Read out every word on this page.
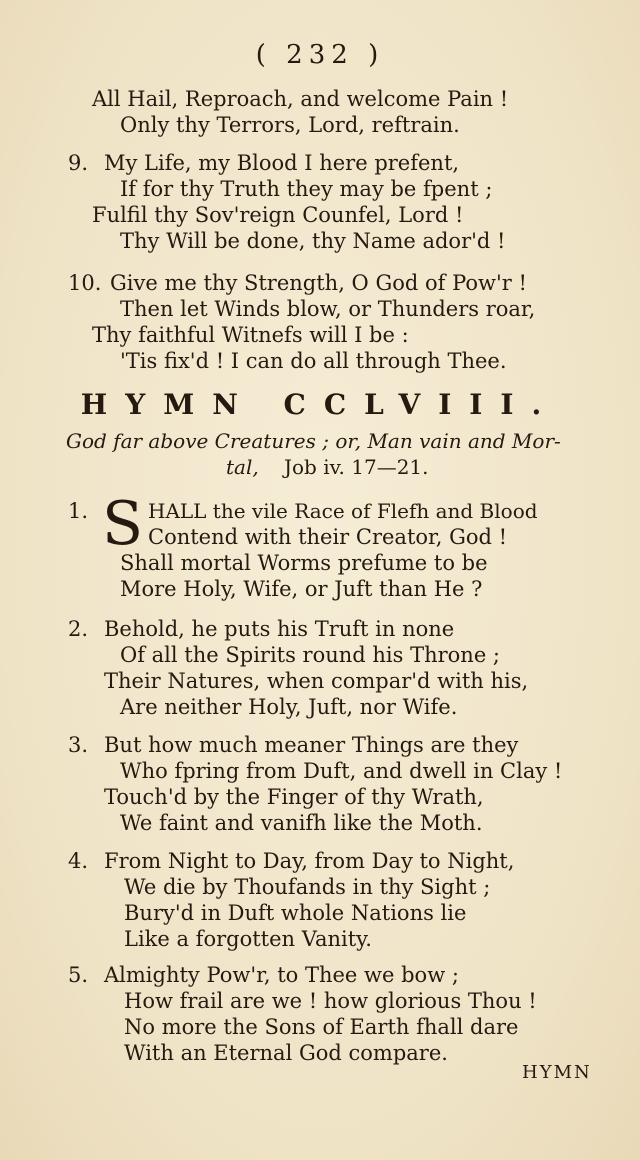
( 232 )
All Hail, Reproach, and welcome Pain !
Only thy Terrors, Lord, reftrain.
9. My Life, my Blood I here prefent,
If for thy Truth they may be fpent ;
Fulfil thy Sov'reign Counfel, Lord !
Thy Will be done, thy Name ador'd !
10. Give me thy Strength, O God of Pow'r !
Then let Winds blow, or Thunders roar,
Thy faithful Witnefs will I be :
'Tis fix'd ! I can do all through Thee.
HYMN CCLVIII.
God far above Creatures ; or, Man vain and Mor-
tal, Job iv. 17—21.
1. S HALL the vile Race of Flefh and Blood
Contend with their Creator, God !
Shall mortal Worms prefume to be
More Holy, Wife, or Juft than He ?
2. Behold, he puts his Truft in none
Of all the Spirits round his Throne ;
Their Natures, when compar'd with his,
Are neither Holy, Juft, nor Wife.
3. But how much meaner Things are they
Who fpring from Duft, and dwell in Clay !
Touch'd by the Finger of thy Wrath,
We faint and vanifh like the Moth.
4. From Night to Day, from Day to Night,
We die by Thoufands in thy Sight ;
Bury'd in Duft whole Nations lie
Like a forgotten Vanity.
5. Almighty Pow'r, to Thee we bow ;
How frail are we ! how glorious Thou !
No more the Sons of Earth fhall dare
With an Eternal God compare.
HYMN
